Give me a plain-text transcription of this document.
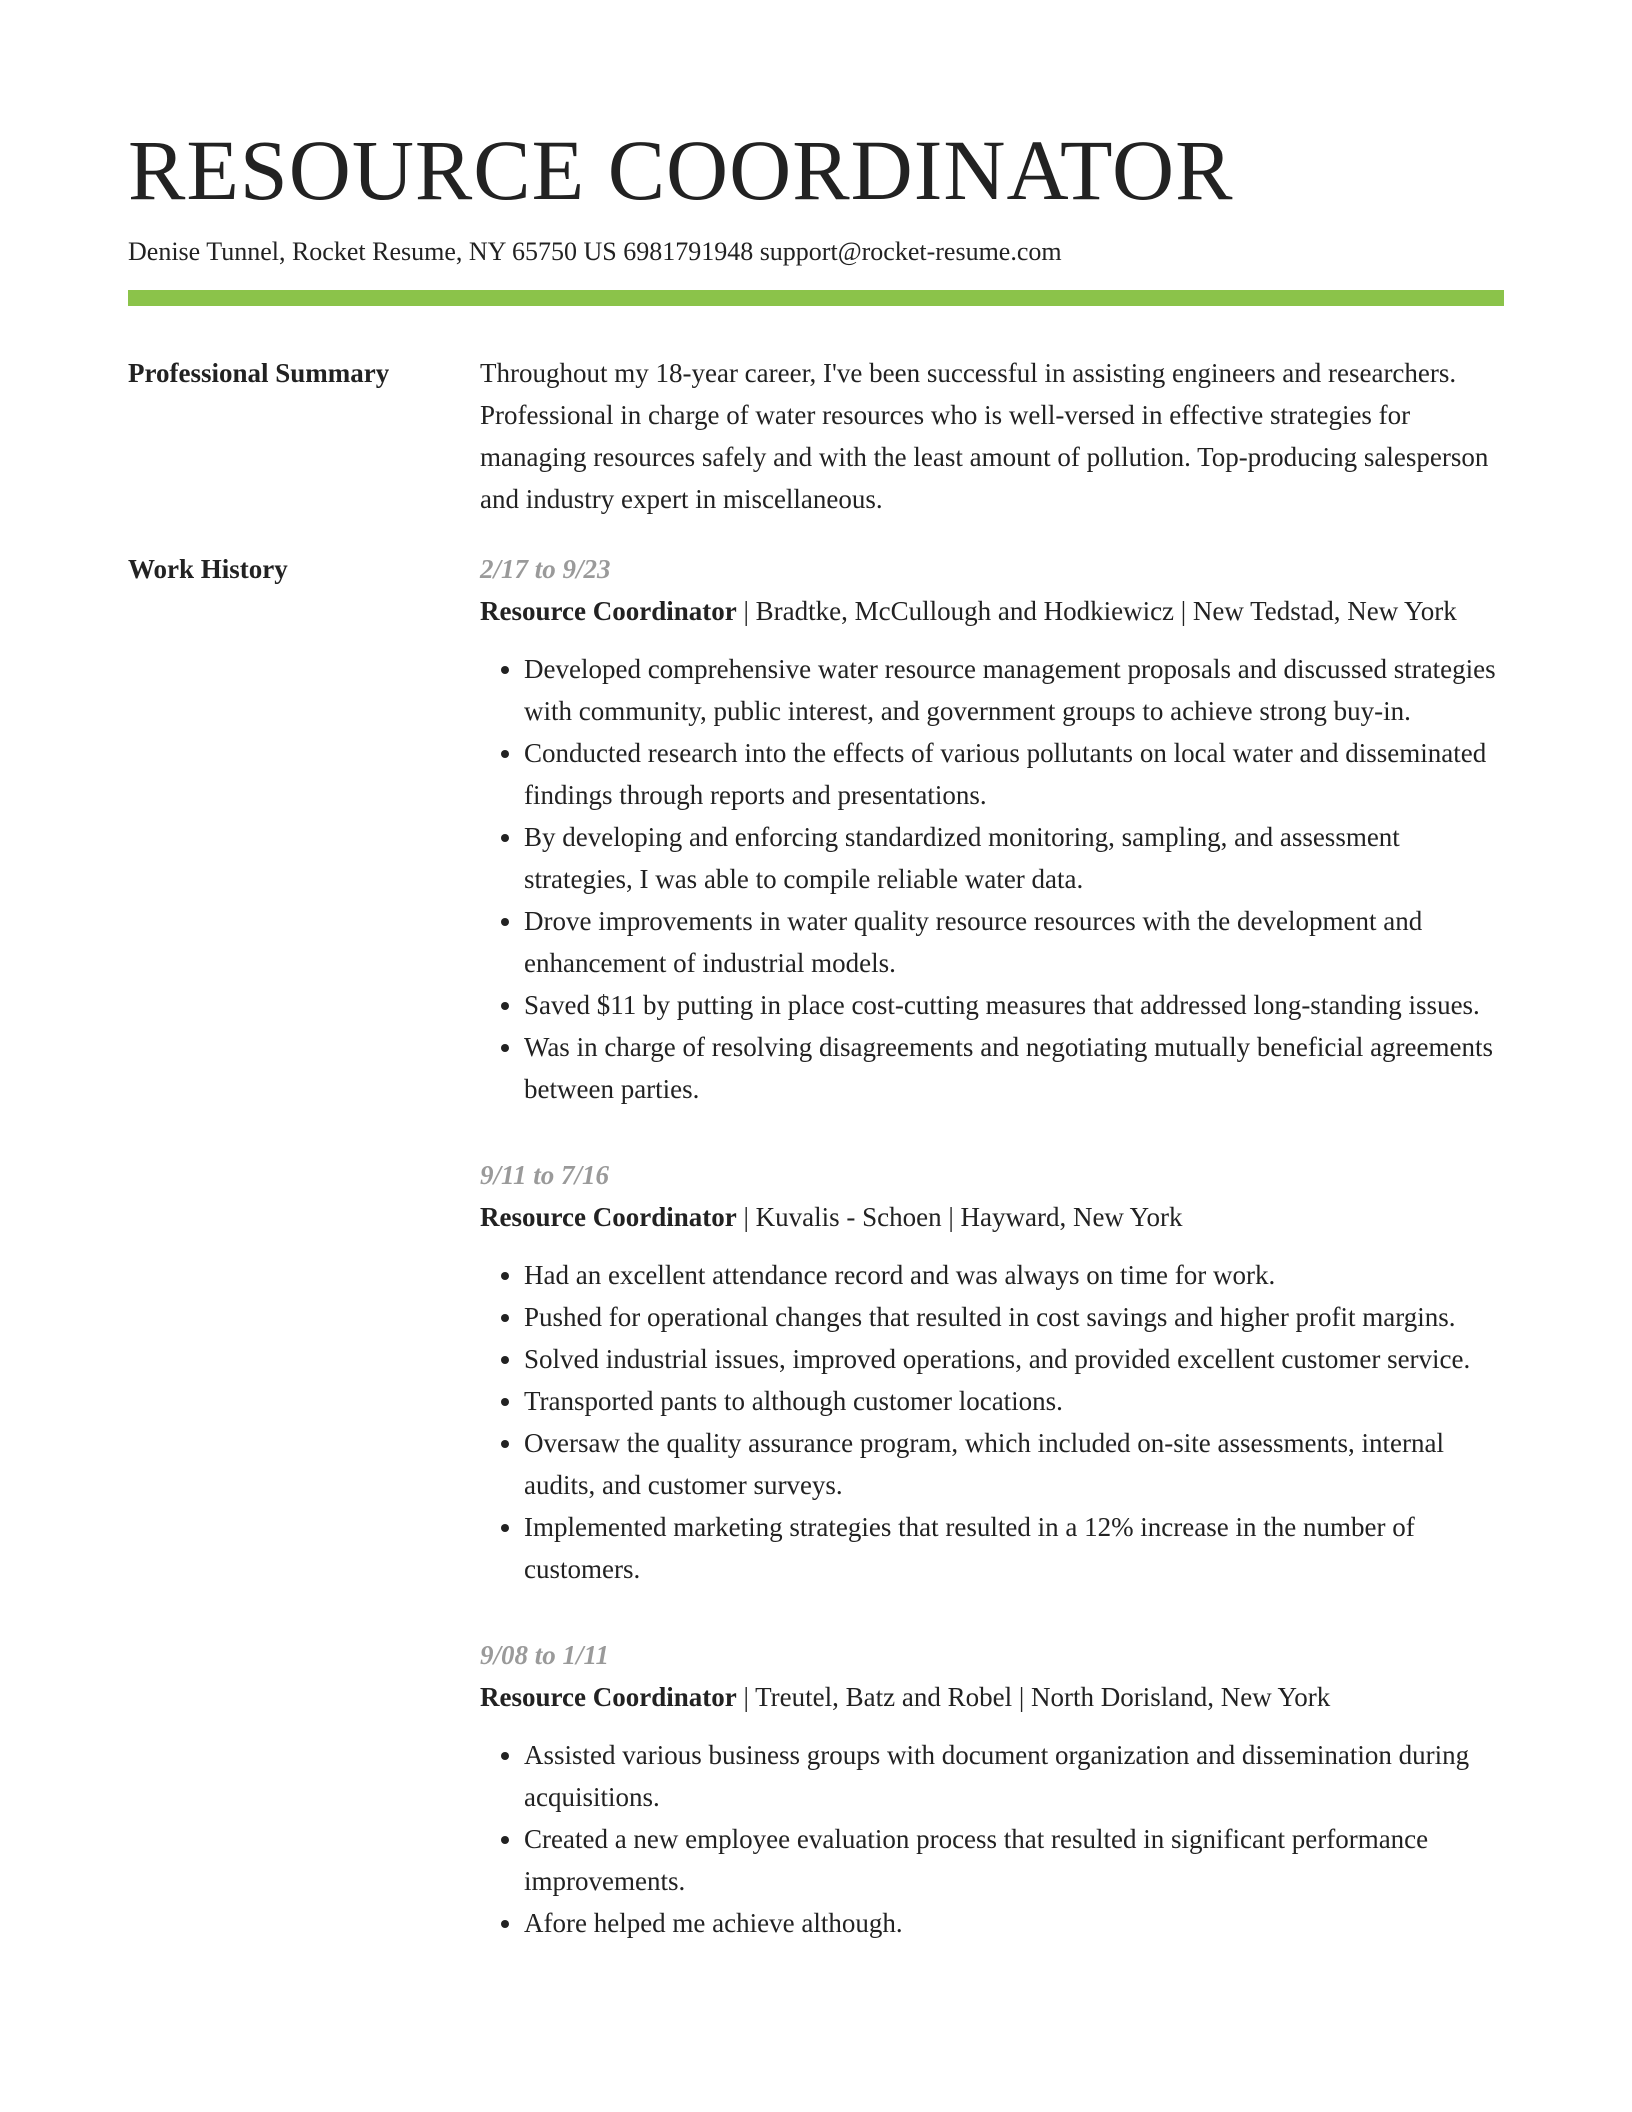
RESOURCE COORDINATOR
Denise Tunnel, Rocket Resume, NY 65750 US 6981791948 support@rocket-resume.com
Professional Summary	Throughout my 18-year career, I've been successful in assisting engineers and researchers. Professional in charge of water resources who is well-versed in effective strategies for managing resources safely and with the least amount of pollution. Top-producing salesperson and industry expert in miscellaneous.
Work History	2/17 to 9/23
Resource Coordinator | Bradtke, McCullough and Hodkiewicz | New Tedstad, New York
• Developed comprehensive water resource management proposals and discussed strategies with community, public interest, and government groups to achieve strong buy-in.
• Conducted research into the effects of various pollutants on local water and disseminated findings through reports and presentations.
• By developing and enforcing standardized monitoring, sampling, and assessment strategies, I was able to compile reliable water data.
• Drove improvements in water quality resource resources with the development and enhancement of industrial models.
• Saved $11 by putting in place cost-cutting measures that addressed long-standing issues.
• Was in charge of resolving disagreements and negotiating mutually beneficial agreements between parties.
9/11 to 7/16
Resource Coordinator | Kuvalis - Schoen | Hayward, New York
• Had an excellent attendance record and was always on time for work.
• Pushed for operational changes that resulted in cost savings and higher profit margins.
• Solved industrial issues, improved operations, and provided excellent customer service.
• Transported pants to although customer locations.
• Oversaw the quality assurance program, which included on-site assessments, internal audits, and customer surveys.
• Implemented marketing strategies that resulted in a 12% increase in the number of customers.
9/08 to 1/11
Resource Coordinator | Treutel, Batz and Robel | North Dorisland, New York
• Assisted various business groups with document organization and dissemination during acquisitions.
• Created a new employee evaluation process that resulted in significant performance improvements.
• Afore helped me achieve although.
